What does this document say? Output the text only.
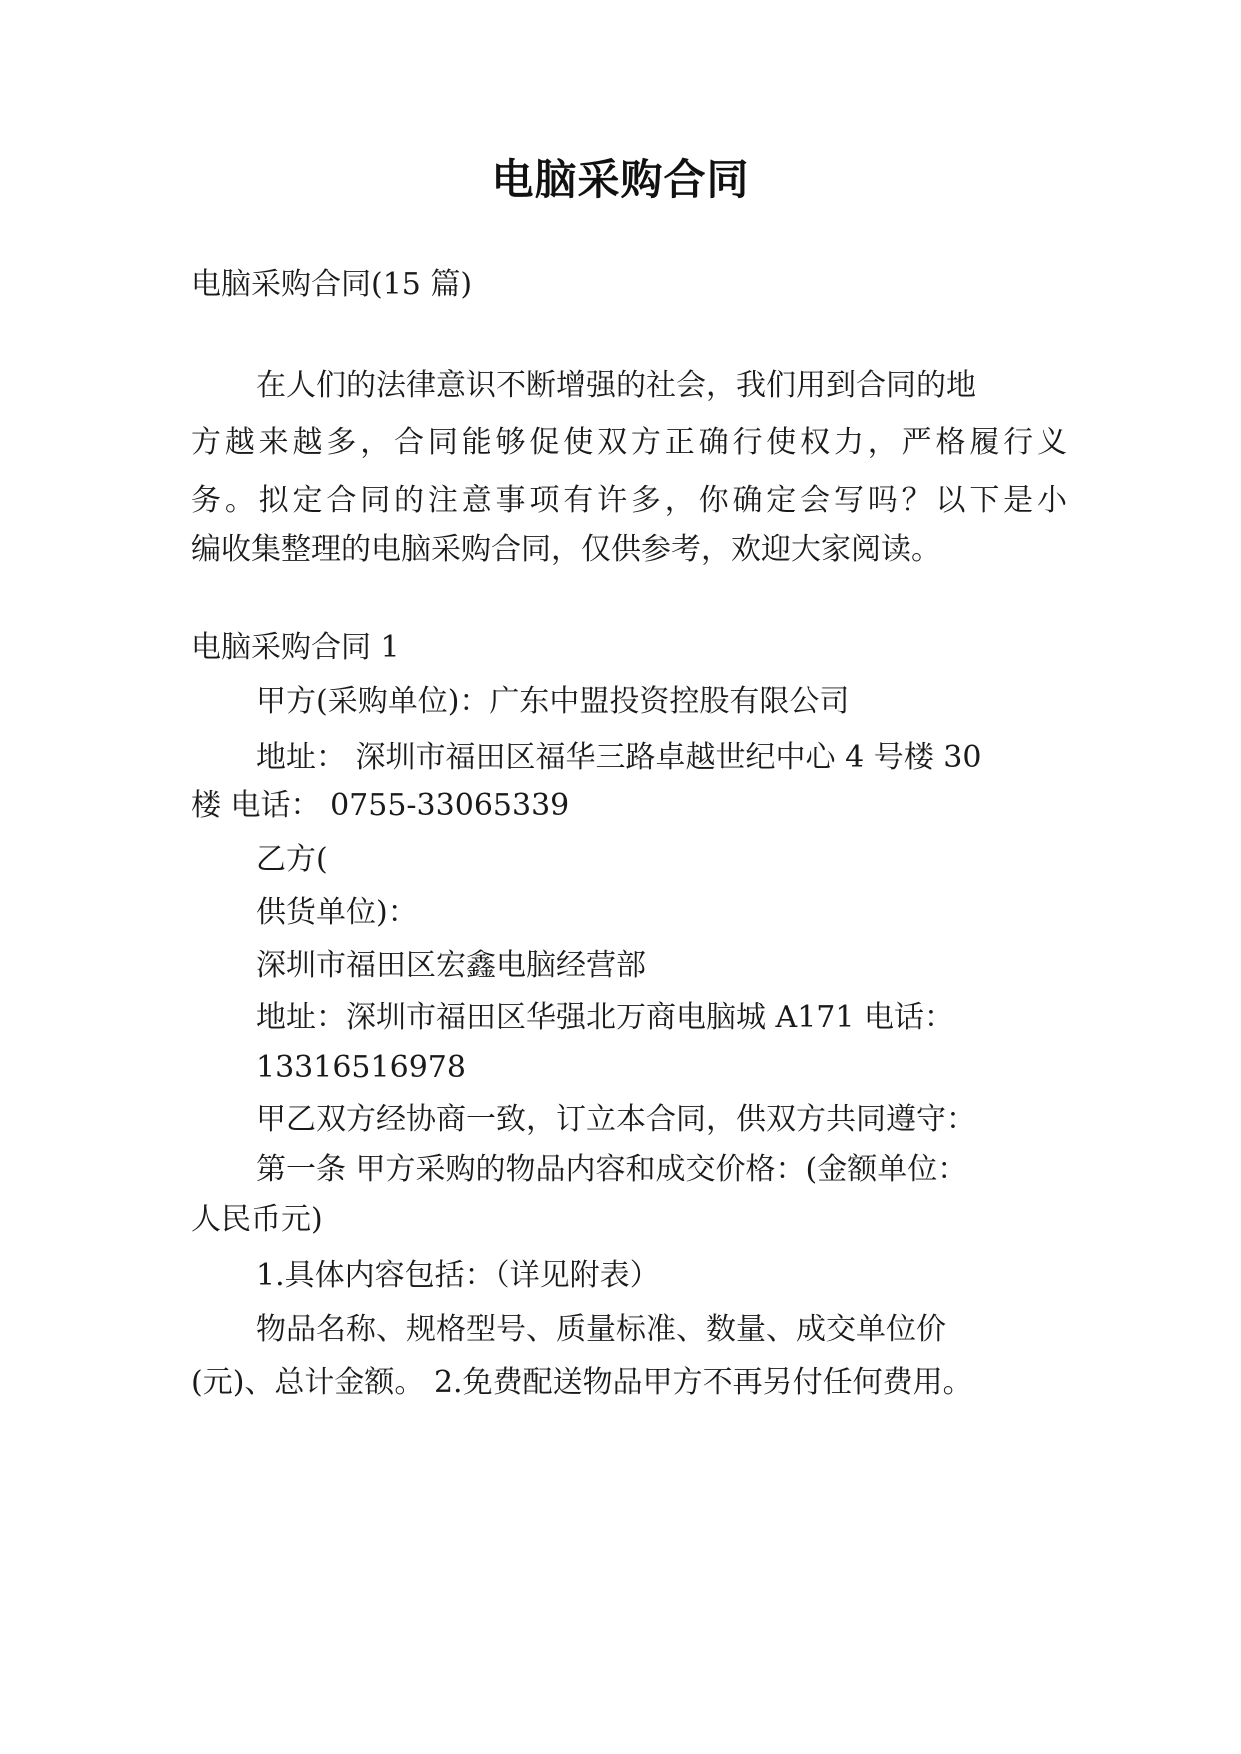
电脑采购合同
电脑采购合同(15 篇)
在人们的法律意识不断增强的社会，我们用到合同的地
方越来越多，合同能够促使双方正确行使权力，严格履行义
务。拟定合同的注意事项有许多，你确定会写吗？以下是小
编收集整理的电脑采购合同，仅供参考，欢迎大家阅读。
电脑采购合同 1
甲方(采购单位)：广东中盟投资控股有限公司
地址： 深圳市福田区福华三路卓越世纪中心 4 号楼 30
楼 电话： 0755-33065339
乙方(
供货单位)：
深圳市福田区宏鑫电脑经营部
地址：深圳市福田区华强北万商电脑城 A171 电话：
13316516978
甲乙双方经协商一致，订立本合同，供双方共同遵守：
第一条 甲方采购的物品内容和成交价格：(金额单位：
人民币元)
1.具体内容包括：（详见附表）
物品名称、规格型号、质量标准、数量、成交单位价
(元)、总计金额。 2.免费配送物品甲方不再另付任何费用。
